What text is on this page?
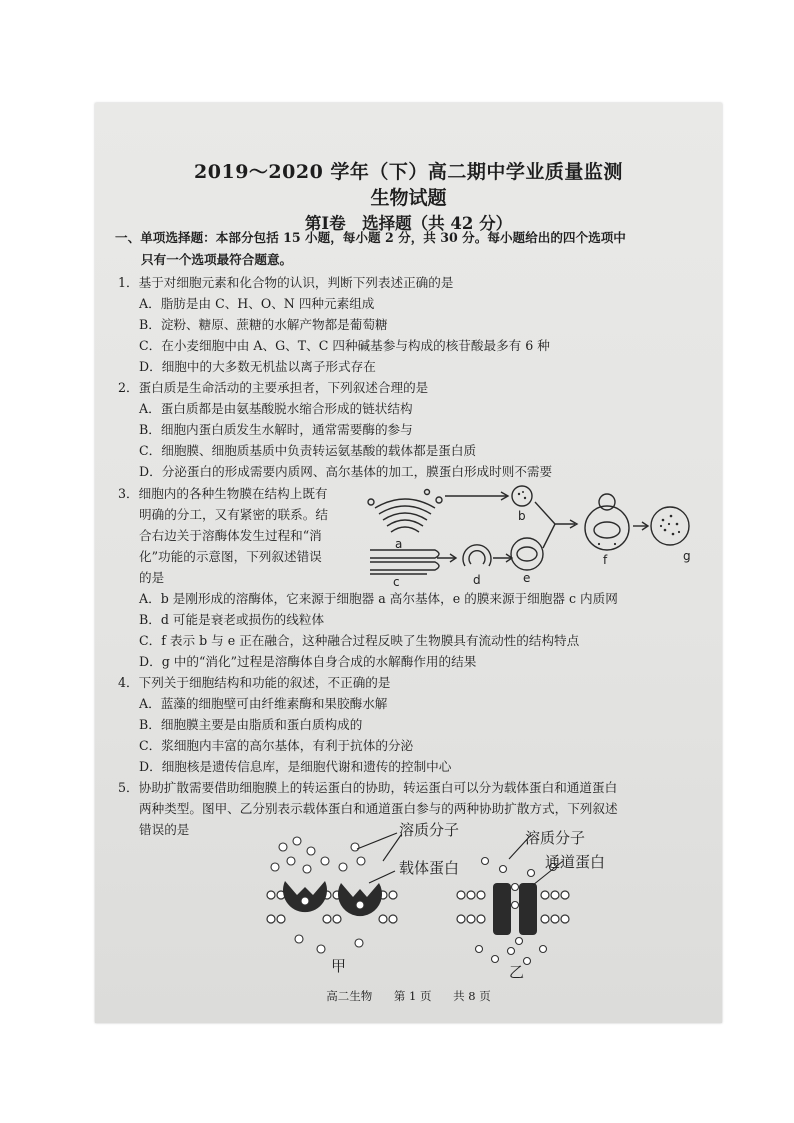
2019～2020 学年（下）高二期中学业质量监测
生物试题
第Ⅰ卷　选择题（共 42 分）
一、单项选择题：本部分包括 15 小题，每小题 2 分，共 30 分。每小题给出的四个选项中
只有一个选项最符合题意。
1．基于对细胞元素和化合物的认识，判断下列表述正确的是
A．脂肪是由 C、H、O、N 四种元素组成
B．淀粉、糖原、蔗糖的水解产物都是葡萄糖
C．在小麦细胞中由 A、G、T、C 四种碱基参与构成的核苷酸最多有 6 种
D．细胞中的大多数无机盐以离子形式存在
2．蛋白质是生命活动的主要承担者，下列叙述合理的是
A．蛋白质都是由氨基酸脱水缩合形成的链状结构
B．细胞内蛋白质发生水解时，通常需要酶的参与
C．细胞膜、细胞质基质中负责转运氨基酸的载体都是蛋白质
D．分泌蛋白的形成需要内质网、高尔基体的加工，膜蛋白形成时则不需要
3．细胞内的各种生物膜在结构上既有
明确的分工，又有紧密的联系。结
合右边关于溶酶体发生过程和“消
化”功能的示意图，下列叙述错误
的是
a
b
c	d	e
f	g
A．b 是刚形成的溶酶体，它来源于细胞器 a 高尔基体，e 的膜来源于细胞器 c 内质网
B．d 可能是衰老或损伤的线粒体
C．f 表示 b 与 e 正在融合，这种融合过程反映了生物膜具有流动性的结构特点
D．g 中的“消化”过程是溶酶体自身合成的水解酶作用的结果
4．下列关于细胞结构和功能的叙述，不正确的是
A．蓝藻的细胞壁可由纤维素酶和果胶酶水解
B．细胞膜主要是由脂质和蛋白质构成的
C．浆细胞内丰富的高尔基体，有利于抗体的分泌
D．细胞核是遗传信息库，是细胞代谢和遗传的控制中心
5．协助扩散需要借助细胞膜上的转运蛋白的协助，转运蛋白可以分为载体蛋白和通道蛋白
两种类型。图甲、乙分别表示载体蛋白和通道蛋白参与的两种协助扩散方式，下列叙述
错误的是	溶质分子
载体蛋白
甲
溶质分子
通道蛋白
乙
高二生物 第 1 页 共 8 页
